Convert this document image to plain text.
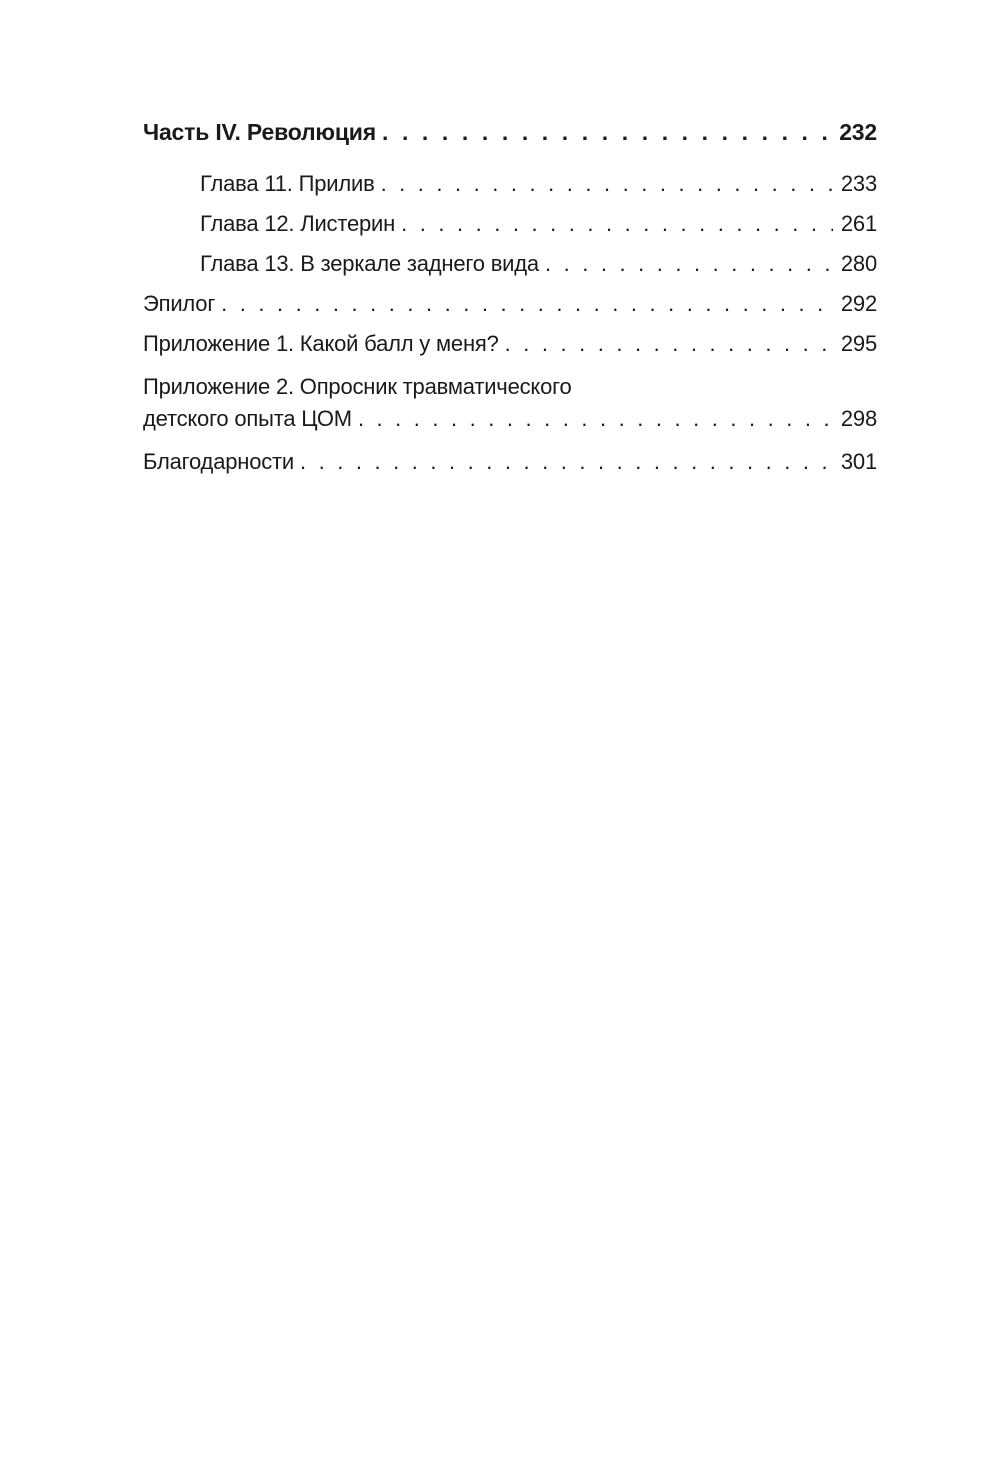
Часть IV. Революция . . .	232
Глава 11. Прилив . . .	233
Глава 12. Листерин . . .	261
Глава 13. В зеркале заднего вида . . .	280
Эпилог . . .	292
Приложение 1. Какой балл у меня? . . .	295
Приложение 2. Опросник травматического
детского опыта ЦОМ . . .	298
Благодарности . . .	301
